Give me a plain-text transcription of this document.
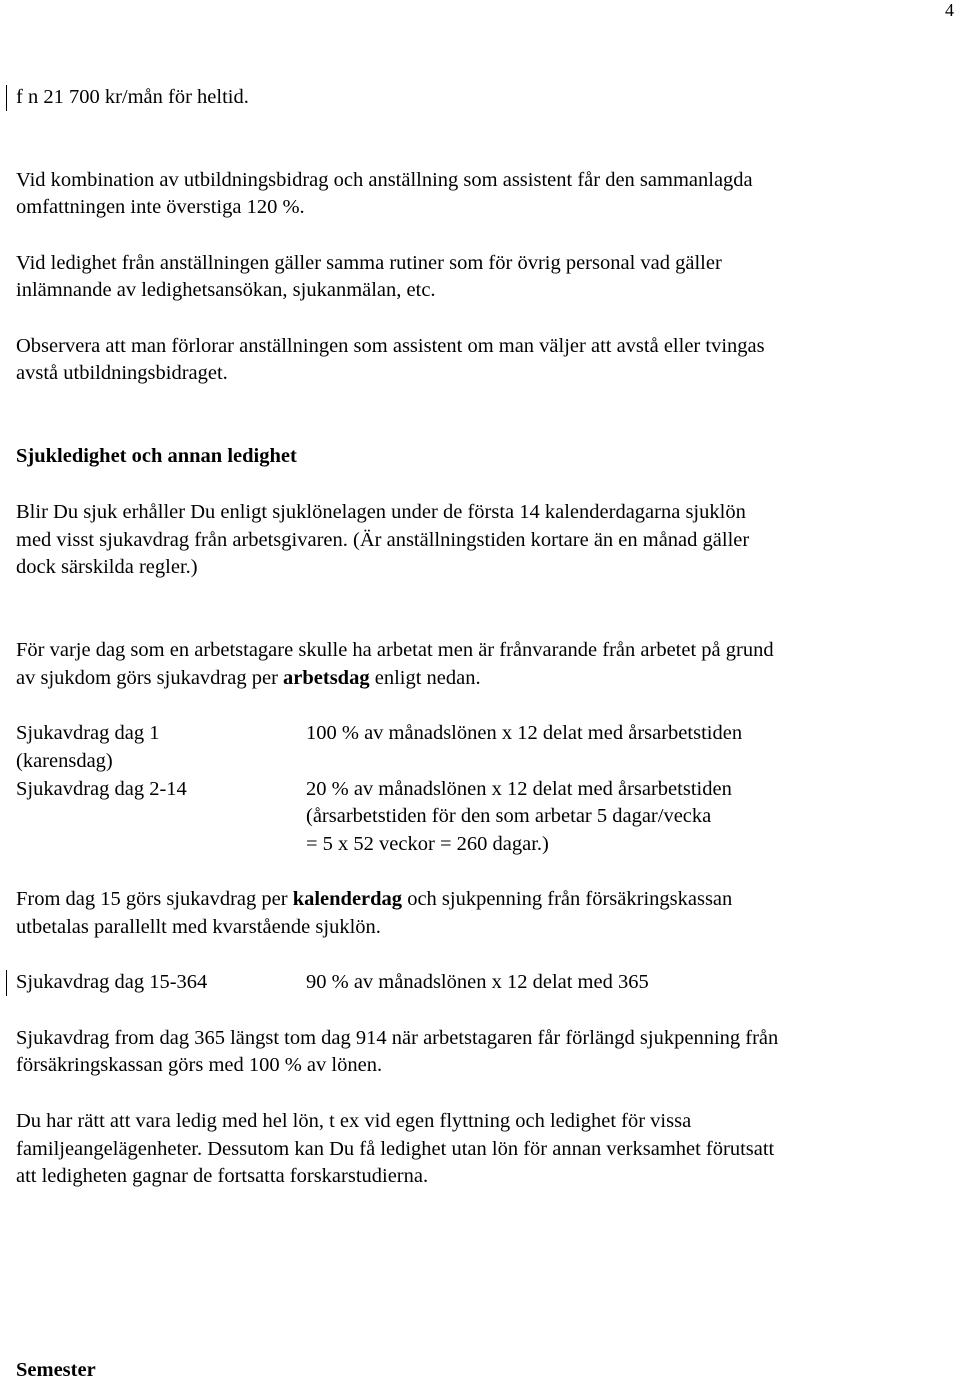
4

f n 21 700 kr/mån för heltid.

Vid kombination av utbildningsbidrag och anställning som assistent får den sammanlagda

omfattningen inte överstiga 120 %.

Vid ledighet från anställningen gäller samma rutiner som för övrig personal vad gäller

inlämnande av ledighetsansökan, sjukanmälan, etc.

Observera att man förlorar anställningen som assistent om man väljer att avstå eller tvingas

avstå utbildningsbidraget.

Sjukledighet och annan ledighet

Blir Du sjuk erhåller Du enligt sjuklönelagen under de första 14 kalenderdagarna sjuklön

med visst sjukavdrag från arbetsgivaren. (Är anställningstiden kortare än en månad gäller

dock särskilda regler.)

För varje dag som en arbetstagare skulle ha arbetat men är frånvarande från arbetet på grund

av sjukdom görs sjukavdrag per arbetsdag enligt nedan.

Sjukavdrag dag 1

(karensdag)

100 % av månadslönen x 12 delat med årsarbetstiden

Sjukavdrag dag 2-14	20 % av månadslönen x 12 delat med årsarbetstiden
(årsarbetstiden för den som arbetar 5 dagar/vecka
= 5 x 52 veckor = 260 dagar.)

From dag 15 görs sjukavdrag per kalenderdag och sjukpenning från försäkringskassan

utbetalas parallellt med kvarstående sjuklön.

Sjukavdrag dag 15-364	90 % av månadslönen x 12 delat med 365

Sjukavdrag from dag 365 längst tom dag 914 när arbetstagaren får förlängd sjukpenning från

försäkringskassan görs med 100 % av lönen.

Du har rätt att vara ledig med hel lön, t ex vid egen flyttning och ledighet för vissa

familjeangelägenheter. Dessutom kan Du få ledighet utan lön för annan verksamhet förutsatt

att ledigheten gagnar de fortsatta forskarstudierna.

Semester
